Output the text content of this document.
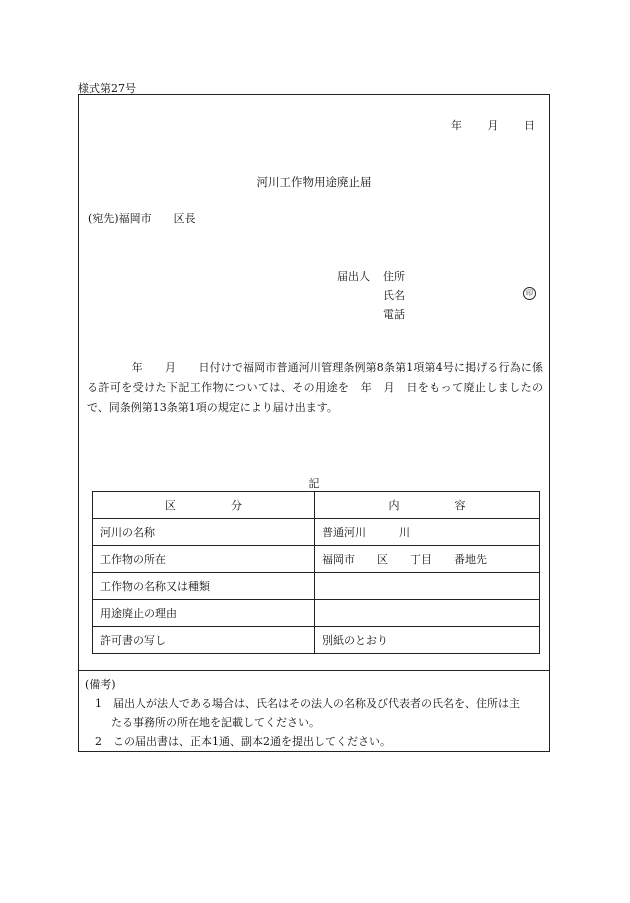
様式第27号
年 月 日
河川工作物用途廃止届
(宛先)福岡市　　区長
届出人 住所
氏名	印
電話
　　　　年　　月　　日付けで福岡市普通河川管理条例第8条第1項第4号に掲げる行為に係る許可を受けた下記工作物については、その用途を　年　月　日をもって廃止しましたので、同条例第13条第1項の規定により届け出ます。
記
区　　　　　分	内　　　　　容
河川の名称	普通河川　　　川
工作物の所在	福岡市　　区　　丁目　　番地先
工作物の名称又は種類	
用途廃止の理由	
許可書の写し	別紙のとおり
(備考)
1 届出人が法人である場合は、氏名はその法人の名称及び代表者の氏名を、住所は主
たる事務所の所在地を記載してください。
2 この届出書は、正本1通、副本2通を提出してください。
